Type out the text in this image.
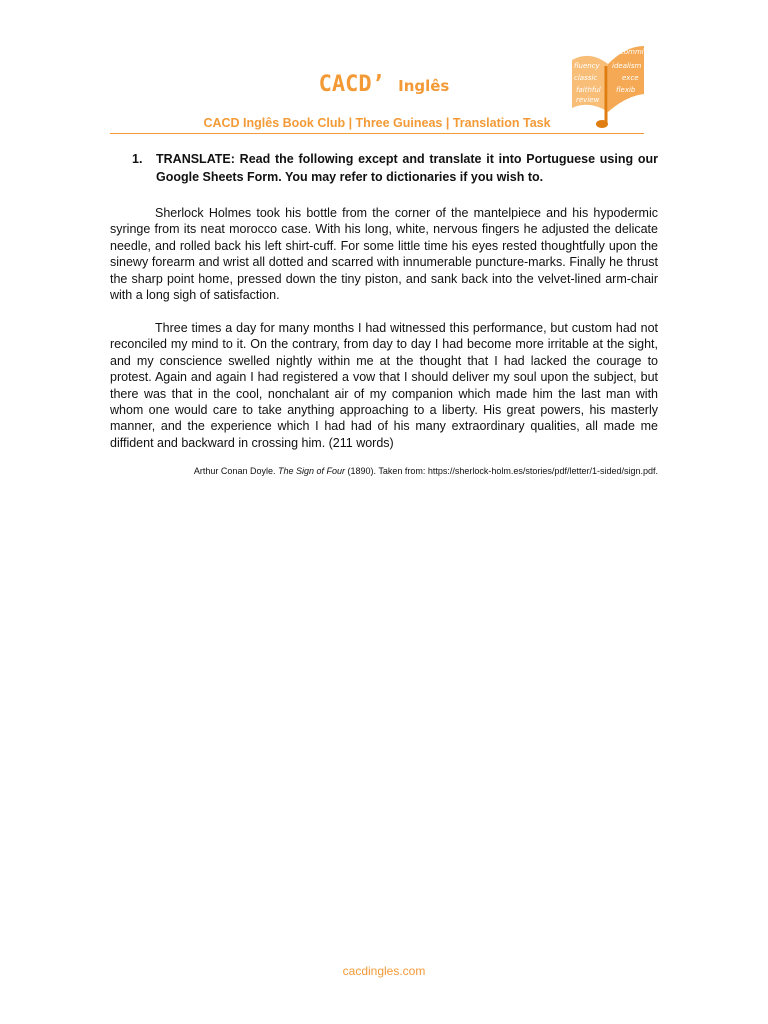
CACD’ Inglês
fluency
commit
classic
idealism
faithful
exce
review
flexib
CACD Inglês Book Club | Three Guineas | Translation Task
1. TRANSLATE: Read the following except and translate it into Portuguese using our Google Sheets Form. You may refer to dictionaries if you wish to.

Sherlock Holmes took his bottle from the corner of the mantelpiece and his hypodermic syringe from its neat morocco case. With his long, white, nervous fingers he adjusted the delicate needle, and rolled back his left shirt-cuff. For some little time his eyes rested thoughtfully upon the sinewy forearm and wrist all dotted and scarred with innumerable puncture-marks. Finally he thrust the sharp point home, pressed down the tiny piston, and sank back into the velvet-lined arm-chair with a long sigh of satisfaction.

Three times a day for many months I had witnessed this performance, but custom had not reconciled my mind to it. On the contrary, from day to day I had become more irritable at the sight, and my conscience swelled nightly within me at the thought that I had lacked the courage to protest. Again and again I had registered a vow that I should deliver my soul upon the subject, but there was that in the cool, nonchalant air of my companion which made him the last man with whom one would care to take anything approaching to a liberty. His great powers, his masterly manner, and the experience which I had had of his many extraordinary qualities, all made me diffident and backward in crossing him. (211 words)

Arthur Conan Doyle. The Sign of Four (1890). Taken from: https://sherlock-holm.es/stories/pdf/letter/1-sided/sign.pdf.
cacdingles.com
